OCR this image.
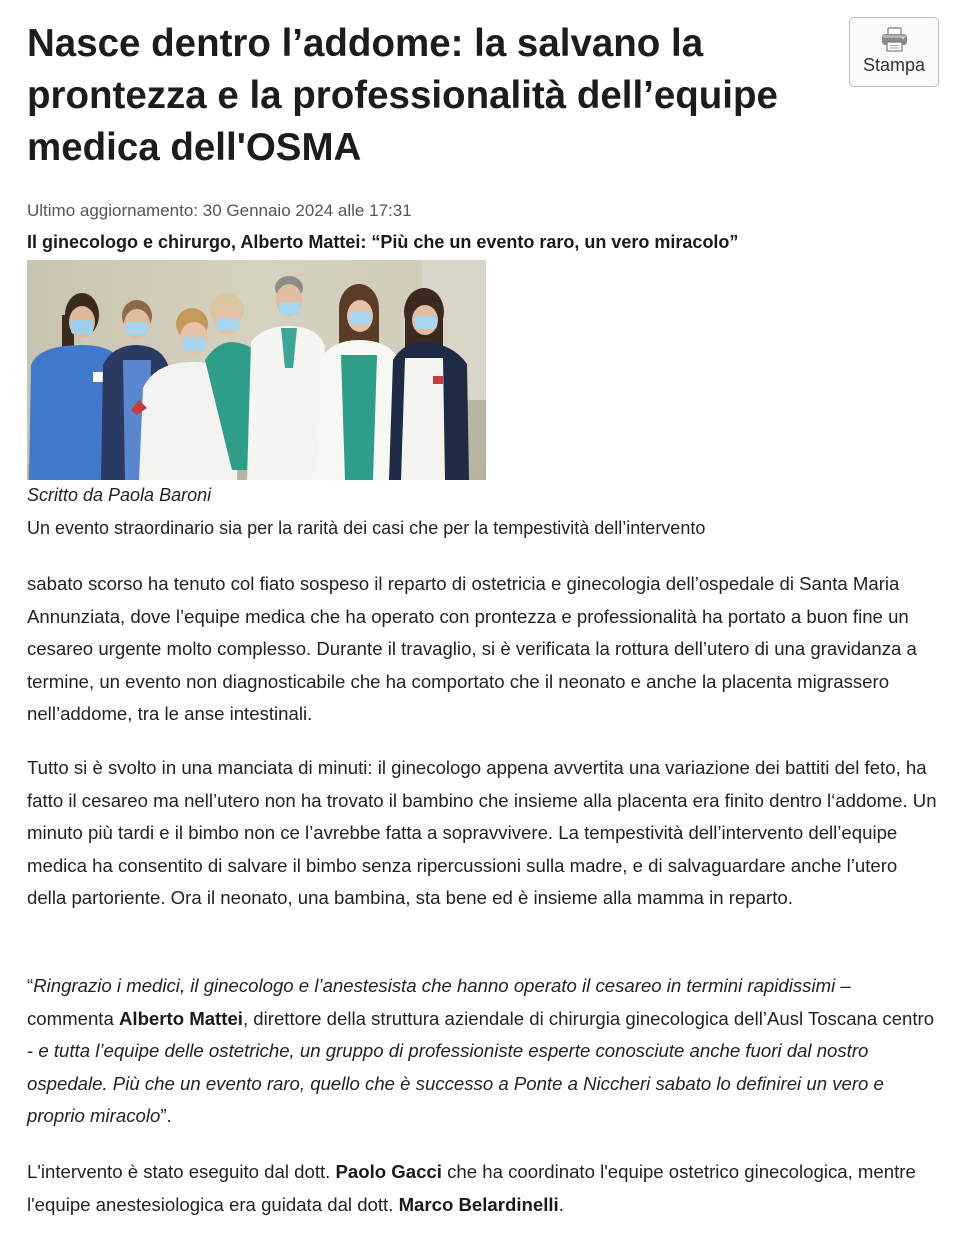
Nasce dentro l’addome: la salvano la prontezza e la professionalità dell’equipe medica dell'OSMA
Stampa
Ultimo aggiornamento: 30 Gennaio 2024 alle 17:31
Il ginecologo e chirurgo, Alberto Mattei: “Più che un evento raro, un vero miracolo”
Scritto da Paola Baroni
Un evento straordinario sia per la rarità dei casi che per la tempestività dell’intervento

sabato scorso ha tenuto col fiato sospeso il reparto di ostetricia e ginecologia dell’ospedale di Santa Maria Annunziata, dove l’equipe medica che ha operato con prontezza e professionalità ha portato a buon fine un cesareo urgente molto complesso. Durante il travaglio, si è verificata la rottura dell’utero di una gravidanza a termine, un evento non diagnosticabile che ha comportato che il neonato e anche la placenta migrassero nell’addome, tra le anse intestinali.

Tutto si è svolto in una manciata di minuti: il ginecologo appena avvertita una variazione dei battiti del feto, ha fatto il cesareo ma nell’utero non ha trovato il bambino che insieme alla placenta era finito dentro l‘addome. Un minuto più tardi e il bimbo non ce l’avrebbe fatta a sopravvivere. La tempestività dell’intervento dell’equipe medica ha consentito di salvare il bimbo senza ripercussioni sulla madre, e di salvaguardare anche l’utero della partoriente. Ora il neonato, una bambina, sta bene ed è insieme alla mamma in reparto.

“Ringrazio i medici, il ginecologo e l’anestesista che hanno operato il cesareo in termini rapidissimi – commenta Alberto Mattei, direttore della struttura aziendale di chirurgia ginecologica dell’Ausl Toscana centro - e tutta l’equipe delle ostetriche, un gruppo di professioniste esperte conosciute anche fuori dal nostro ospedale. Più che un evento raro, quello che è successo a Ponte a Niccheri sabato lo definirei un vero e proprio miracolo”.

L'intervento è stato eseguito dal dott. Paolo Gacci che ha coordinato l'equipe ostetrico ginecologica, mentre l'equipe anestesiologica era guidata dal dott. Marco Belardinelli.
